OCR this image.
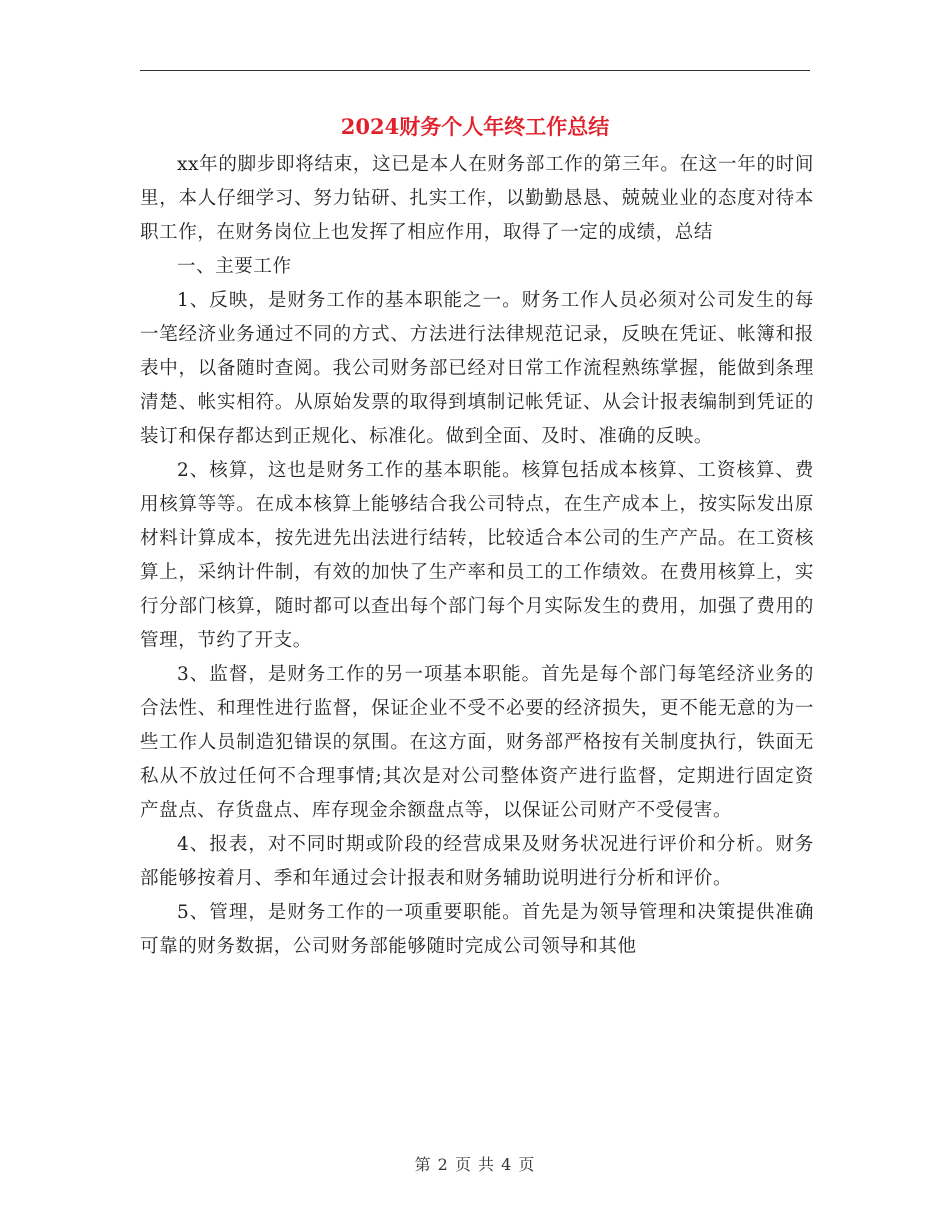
2024财务个人年终工作总结

xx年的脚步即将结束，这已是本人在财务部工作的第三年。在这一年的时间里，本人仔细学习、努力钻研、扎实工作，以勤勤恳恳、兢兢业业的态度对待本职工作，在财务岗位上也发挥了相应作用，取得了一定的成绩，总结

一、主要工作

1、反映，是财务工作的基本职能之一。财务工作人员必须对公司发生的每一笔经济业务通过不同的方式、方法进行法律规范记录，反映在凭证、帐簿和报表中，以备随时查阅。我公司财务部已经对日常工作流程熟练掌握，能做到条理清楚、帐实相符。从原始发票的取得到填制记帐凭证、从会计报表编制到凭证的装订和保存都达到正规化、标准化。做到全面、及时、准确的反映。

2、核算，这也是财务工作的基本职能。核算包括成本核算、工资核算、费用核算等等。在成本核算上能够结合我公司特点，在生产成本上，按实际发出原材料计算成本，按先进先出法进行结转，比较适合本公司的生产产品。在工资核算上，采纳计件制，有效的加快了生产率和员工的工作绩效。在费用核算上，实行分部门核算，随时都可以查出每个部门每个月实际发生的费用，加强了费用的管理，节约了开支。

3、监督，是财务工作的另一项基本职能。首先是每个部门每笔经济业务的合法性、和理性进行监督，保证企业不受不必要的经济损失，更不能无意的为一些工作人员制造犯错误的氛围。在这方面，财务部严格按有关制度执行，铁面无私从不放过任何不合理事情;其次是对公司整体资产进行监督，定期进行固定资产盘点、存货盘点、库存现金余额盘点等，以保证公司财产不受侵害。

4、报表，对不同时期或阶段的经营成果及财务状况进行评价和分析。财务部能够按着月、季和年通过会计报表和财务辅助说明进行分析和评价。

5、管理，是财务工作的一项重要职能。首先是为领导管理和决策提供准确可靠的财务数据，公司财务部能够随时完成公司领导和其他

第 2 页 共 4 页
